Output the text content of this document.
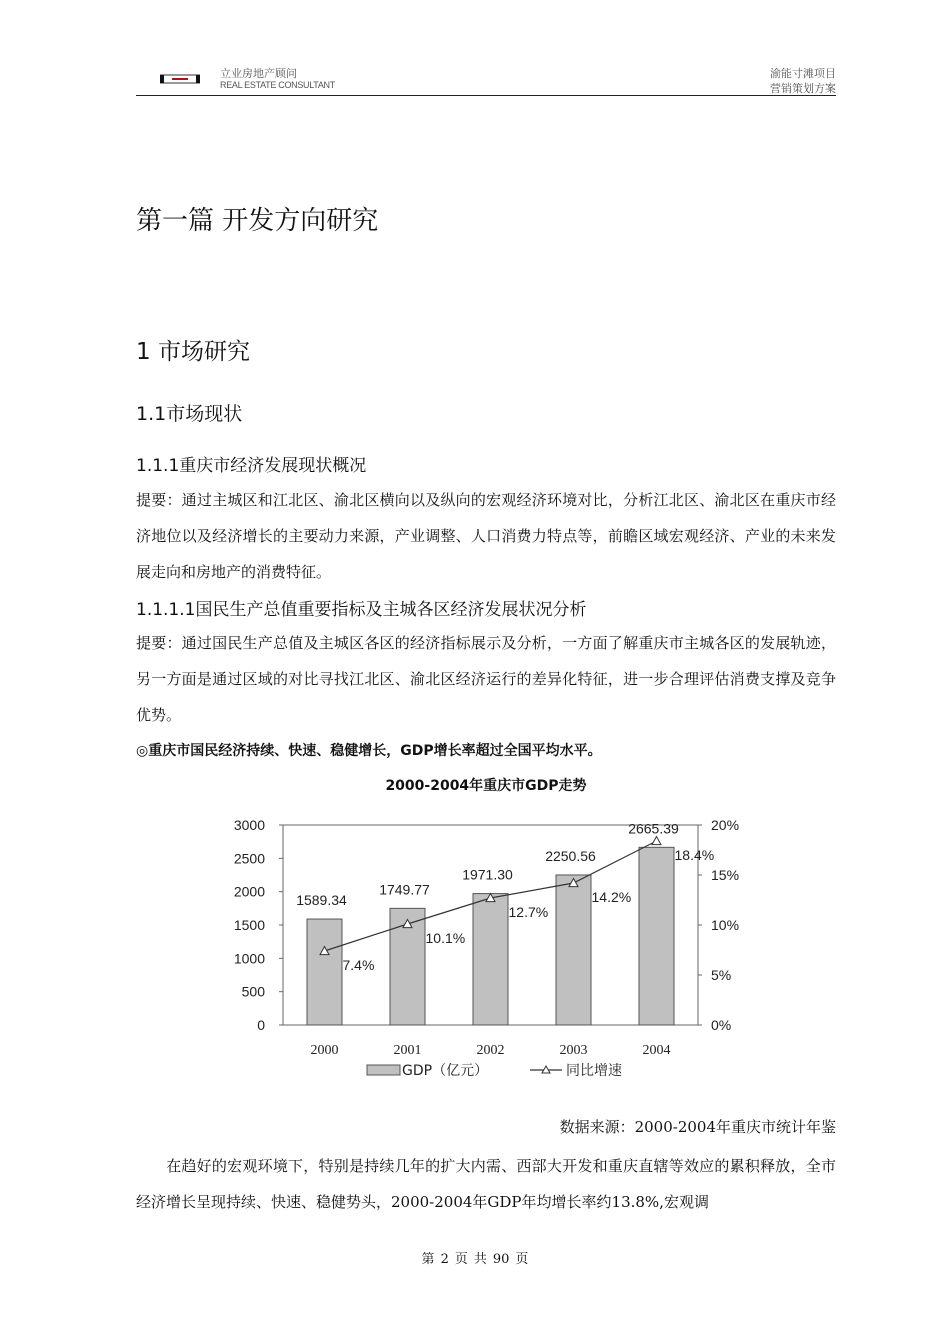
立业房地产顾问
REAL ESTATE CONSULTANT
渝能寸滩项目
营销策划方案
第一篇 开发方向研究
1 市场研究
1.1市场现状
1.1.1重庆市经济发展现状概况
提要：通过主城区和江北区、渝北区横向以及纵向的宏观经济环境对比，分析江北区、渝北区在重庆市经济地位以及经济增长的主要动力来源，产业调整、人口消费力特点等，前瞻区域宏观经济、产业的未来发展走向和房地产的消费特征。
1.1.1.1国民生产总值重要指标及主城各区经济发展状况分析
提要：通过国民生产总值及主城区各区的经济指标展示及分析，一方面了解重庆市主城各区的发展轨迹，另一方面是通过区域的对比寻找江北区、渝北区经济运行的差异化特征，进一步合理评估消费支撑及竞争优势。
◎重庆市国民经济持续、快速、稳健增长，GDP增长率超过全国平均水平。
2000-2004年重庆市GDP走势
0
500
1000
1500
2000
2500
3000
0%
5%
10%
15%
20%
1589.34
1749.77
1971.30
2250.56
2665.39
2000	2001	2002	2003	2004
7.4%
10.1%
12.7%
14.2%
18.4%
GDP（亿元）	同比增速
数据来源：2000-2004年重庆市统计年鉴
在趋好的宏观环境下，特别是持续几年的扩大内需、西部大开发和重庆直辖等效应的累积释放，全市经济增长呈现持续、快速、稳健势头，2000-2004年GDP年均增长率约13.8%,宏观调
第 2 页 共 90 页
